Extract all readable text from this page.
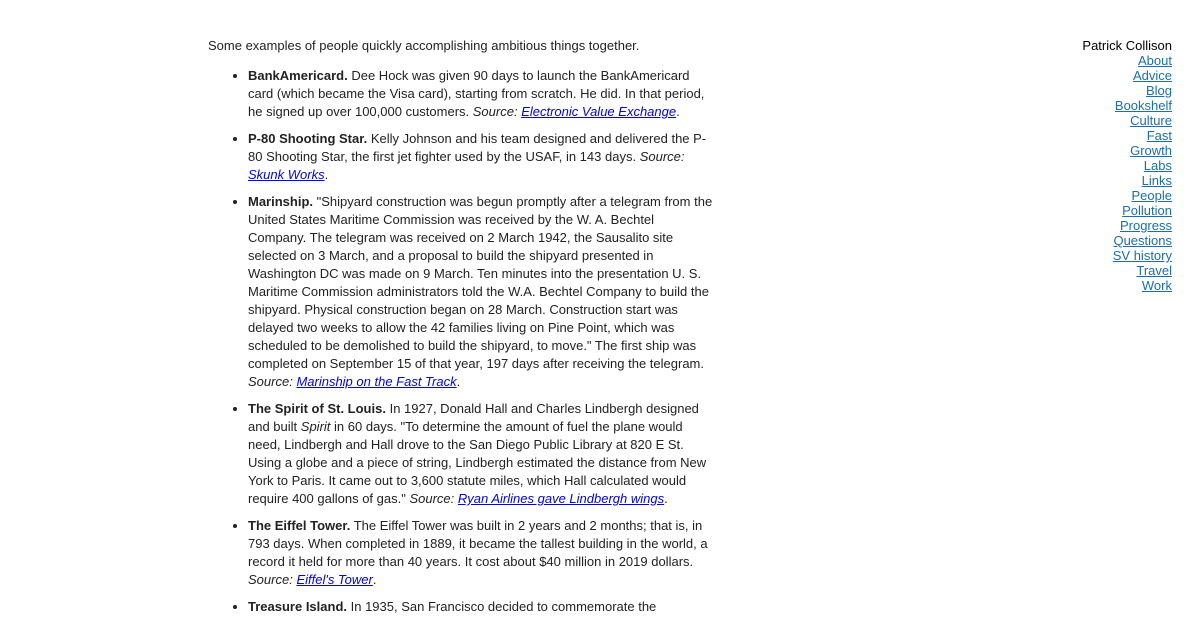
Some examples of people quickly accomplishing ambitious things together.

• BankAmericard. Dee Hock was given 90 days to launch the BankAmericard card (which became the Visa card), starting from scratch. He did. In that period, he signed up over 100,000 customers. Source: Electronic Value Exchange.
• P-80 Shooting Star. Kelly Johnson and his team designed and delivered the P-80 Shooting Star, the first jet fighter used by the USAF, in 143 days. Source: Skunk Works.
• Marinship. "Shipyard construction was begun promptly after a telegram from the United States Maritime Commission was received by the W. A. Bechtel Company. The telegram was received on 2 March 1942, the Sausalito site selected on 3 March, and a proposal to build the shipyard presented in Washington DC was made on 9 March. Ten minutes into the presentation U. S. Maritime Commission administrators told the W.A. Bechtel Company to build the shipyard. Physical construction began on 28 March. Construction start was delayed two weeks to allow the 42 families living on Pine Point, which was scheduled to be demolished to build the shipyard, to move." The first ship was completed on September 15 of that year, 197 days after receiving the telegram. Source: Marinship on the Fast Track.
• The Spirit of St. Louis. In 1927, Donald Hall and Charles Lindbergh designed and built Spirit in 60 days. "To determine the amount of fuel the plane would need, Lindbergh and Hall drove to the San Diego Public Library at 820 E St. Using a globe and a piece of string, Lindbergh estimated the distance from New York to Paris. It came out to 3,600 statute miles, which Hall calculated would require 400 gallons of gas." Source: Ryan Airlines gave Lindbergh wings.
• The Eiffel Tower. The Eiffel Tower was built in 2 years and 2 months; that is, in 793 days. When completed in 1889, it became the tallest building in the world, a record it held for more than 40 years. It cost about $40 million in 2019 dollars. Source: Eiffel's Tower.
• Treasure Island. In 1935, San Francisco decided to commemorate the
Patrick Collison
About
Advice
Blog
Bookshelf
Culture
Fast
Growth
Labs
Links
People
Pollution
Progress
Questions
SV history
Travel
Work
